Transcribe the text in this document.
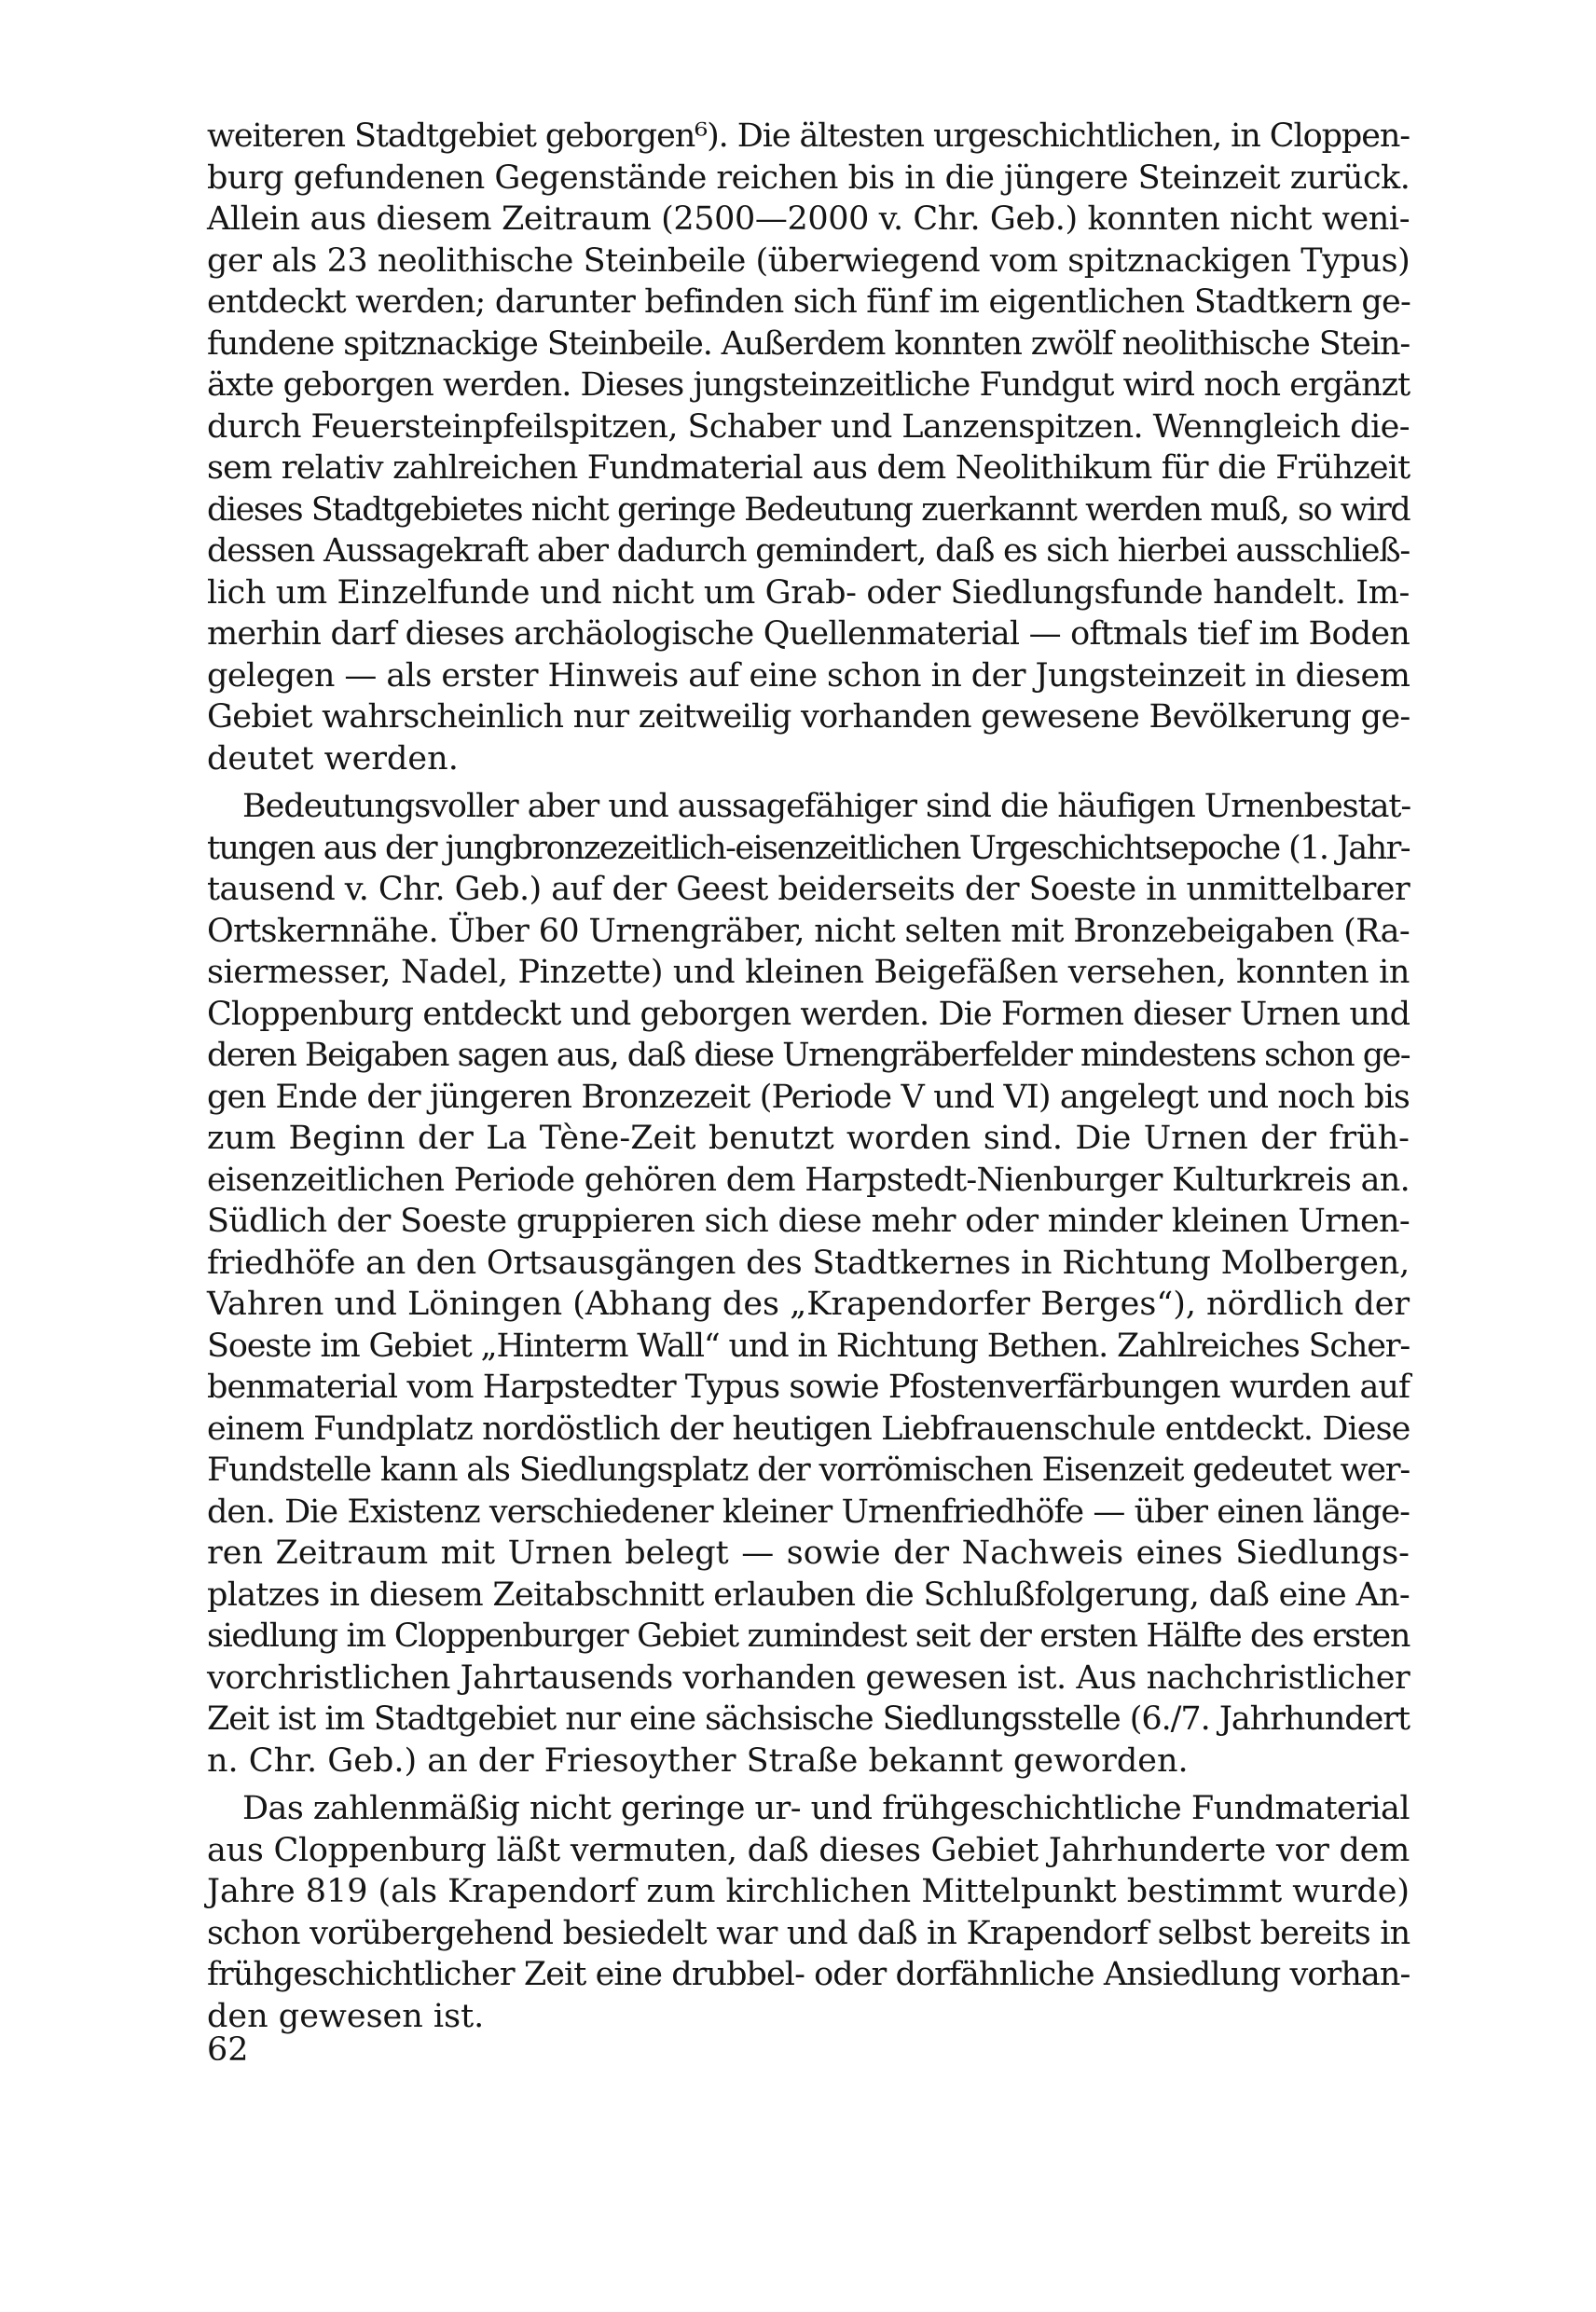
weiteren Stadtgebiet geborgen⁶). Die ältesten urgeschichtlichen, in Cloppen-
burg gefundenen Gegenstände reichen bis in die jüngere Steinzeit zurück.
Allein aus diesem Zeitraum (2500—2000 v. Chr. Geb.) konnten nicht weni-
ger als 23 neolithische Steinbeile (überwiegend vom spitznackigen Typus)
entdeckt werden; darunter befinden sich fünf im eigentlichen Stadtkern ge-
fundene spitznackige Steinbeile. Außerdem konnten zwölf neolithische Stein-
äxte geborgen werden. Dieses jungsteinzeitliche Fundgut wird noch ergänzt
durch Feuersteinpfeilspitzen, Schaber und Lanzenspitzen. Wenngleich die-
sem relativ zahlreichen Fundmaterial aus dem Neolithikum für die Frühzeit
dieses Stadtgebietes nicht geringe Bedeutung zuerkannt werden muß, so wird
dessen Aussagekraft aber dadurch gemindert, daß es sich hierbei ausschließ-
lich um Einzelfunde und nicht um Grab- oder Siedlungsfunde handelt. Im-
merhin darf dieses archäologische Quellenmaterial — oftmals tief im Boden
gelegen — als erster Hinweis auf eine schon in der Jungsteinzeit in diesem
Gebiet wahrscheinlich nur zeitweilig vorhanden gewesene Bevölkerung ge-
deutet werden.
Bedeutungsvoller aber und aussagefähiger sind die häufigen Urnenbestat-
tungen aus der jungbronzezeitlich-eisenzeitlichen Urgeschichtsepoche (1. Jahr-
tausend v. Chr. Geb.) auf der Geest beiderseits der Soeste in unmittelbarer
Ortskernnähe. Über 60 Urnengräber, nicht selten mit Bronzebeigaben (Ra-
siermesser, Nadel, Pinzette) und kleinen Beigefäßen versehen, konnten in
Cloppenburg entdeckt und geborgen werden. Die Formen dieser Urnen und
deren Beigaben sagen aus, daß diese Urnengräberfelder mindestens schon ge-
gen Ende der jüngeren Bronzezeit (Periode V und VI) angelegt und noch bis
zum Beginn der La Tène-Zeit benutzt worden sind. Die Urnen der früh-
eisenzeitlichen Periode gehören dem Harpstedt-Nienburger Kulturkreis an.
Südlich der Soeste gruppieren sich diese mehr oder minder kleinen Urnen-
friedhöfe an den Ortsausgängen des Stadtkernes in Richtung Molbergen,
Vahren und Löningen (Abhang des „Krapendorfer Berges“), nördlich der
Soeste im Gebiet „Hinterm Wall“ und in Richtung Bethen. Zahlreiches Scher-
benmaterial vom Harpstedter Typus sowie Pfostenverfärbungen wurden auf
einem Fundplatz nordöstlich der heutigen Liebfrauenschule entdeckt. Diese
Fundstelle kann als Siedlungsplatz der vorrömischen Eisenzeit gedeutet wer-
den. Die Existenz verschiedener kleiner Urnenfriedhöfe — über einen länge-
ren Zeitraum mit Urnen belegt — sowie der Nachweis eines Siedlungs-
platzes in diesem Zeitabschnitt erlauben die Schlußfolgerung, daß eine An-
siedlung im Cloppenburger Gebiet zumindest seit der ersten Hälfte des ersten
vorchristlichen Jahrtausends vorhanden gewesen ist. Aus nachchristlicher
Zeit ist im Stadtgebiet nur eine sächsische Siedlungsstelle (6./7. Jahrhundert
n. Chr. Geb.) an der Friesoyther Straße bekannt geworden.
Das zahlenmäßig nicht geringe ur- und frühgeschichtliche Fundmaterial
aus Cloppenburg läßt vermuten, daß dieses Gebiet Jahrhunderte vor dem
Jahre 819 (als Krapendorf zum kirchlichen Mittelpunkt bestimmt wurde)
schon vorübergehend besiedelt war und daß in Krapendorf selbst bereits in
frühgeschichtlicher Zeit eine drubbel- oder dorfähnliche Ansiedlung vorhan-
den gewesen ist.
62
